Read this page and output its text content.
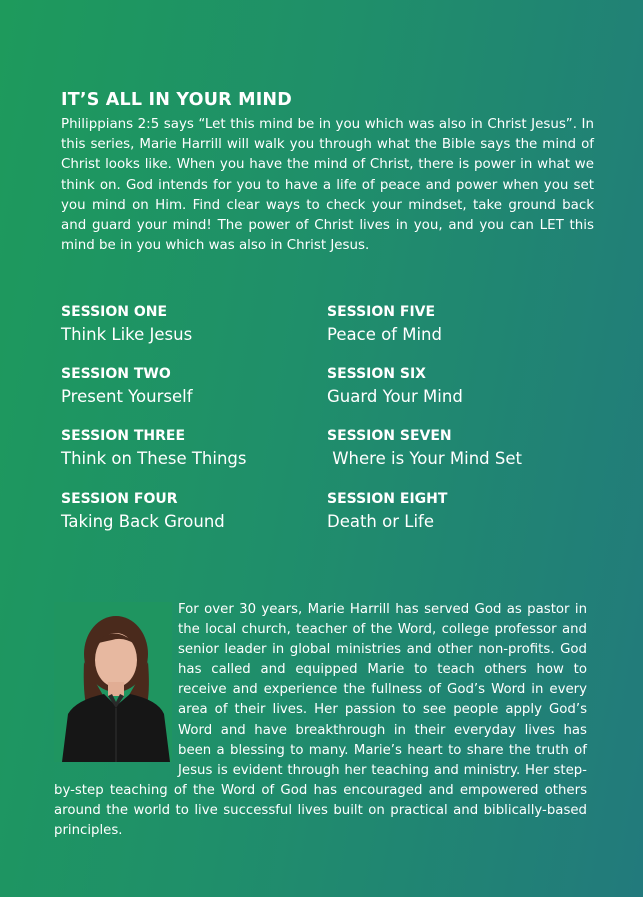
IT’S ALL IN YOUR MIND

Philippians 2:5 says “Let this mind be in you which was also in Christ Jesus”. In this series, Marie Harrill will walk you through what the Bible says the mind of Christ looks like. When you have the mind of Christ, there is power in what we think on. God intends for you to have a life of peace and power when you set you mind on Him. Find clear ways to check your mindset, take ground back and guard your mind! The power of Christ lives in you, and you can LET this mind be in you which was also in Christ Jesus.

SESSION ONE
Think Like Jesus
SESSION TWO
Present Yourself
SESSION THREE
Think on These Things
SESSION FOUR
Taking Back Ground
SESSION FIVE
Peace of Mind
SESSION SIX
Guard Your Mind
SESSION SEVEN
Where is Your Mind Set
SESSION EIGHT
Death or Life
For over 30 years, Marie Harrill has served God as pastor in the local church, teacher of the Word, college professor and senior leader in global ministries and other non-profits. God has called and equipped Marie to teach others how to receive and experience the fullness of God’s Word in every area of their lives. Her passion to see people apply God’s Word and have breakthrough in their everyday lives has been a blessing to many. Marie’s heart to share the truth of Jesus is evident through her teaching and ministry. Her step-by-step teaching of the Word of God has encouraged and empowered others around the world to live successful lives built on practical and biblically-based principles.
